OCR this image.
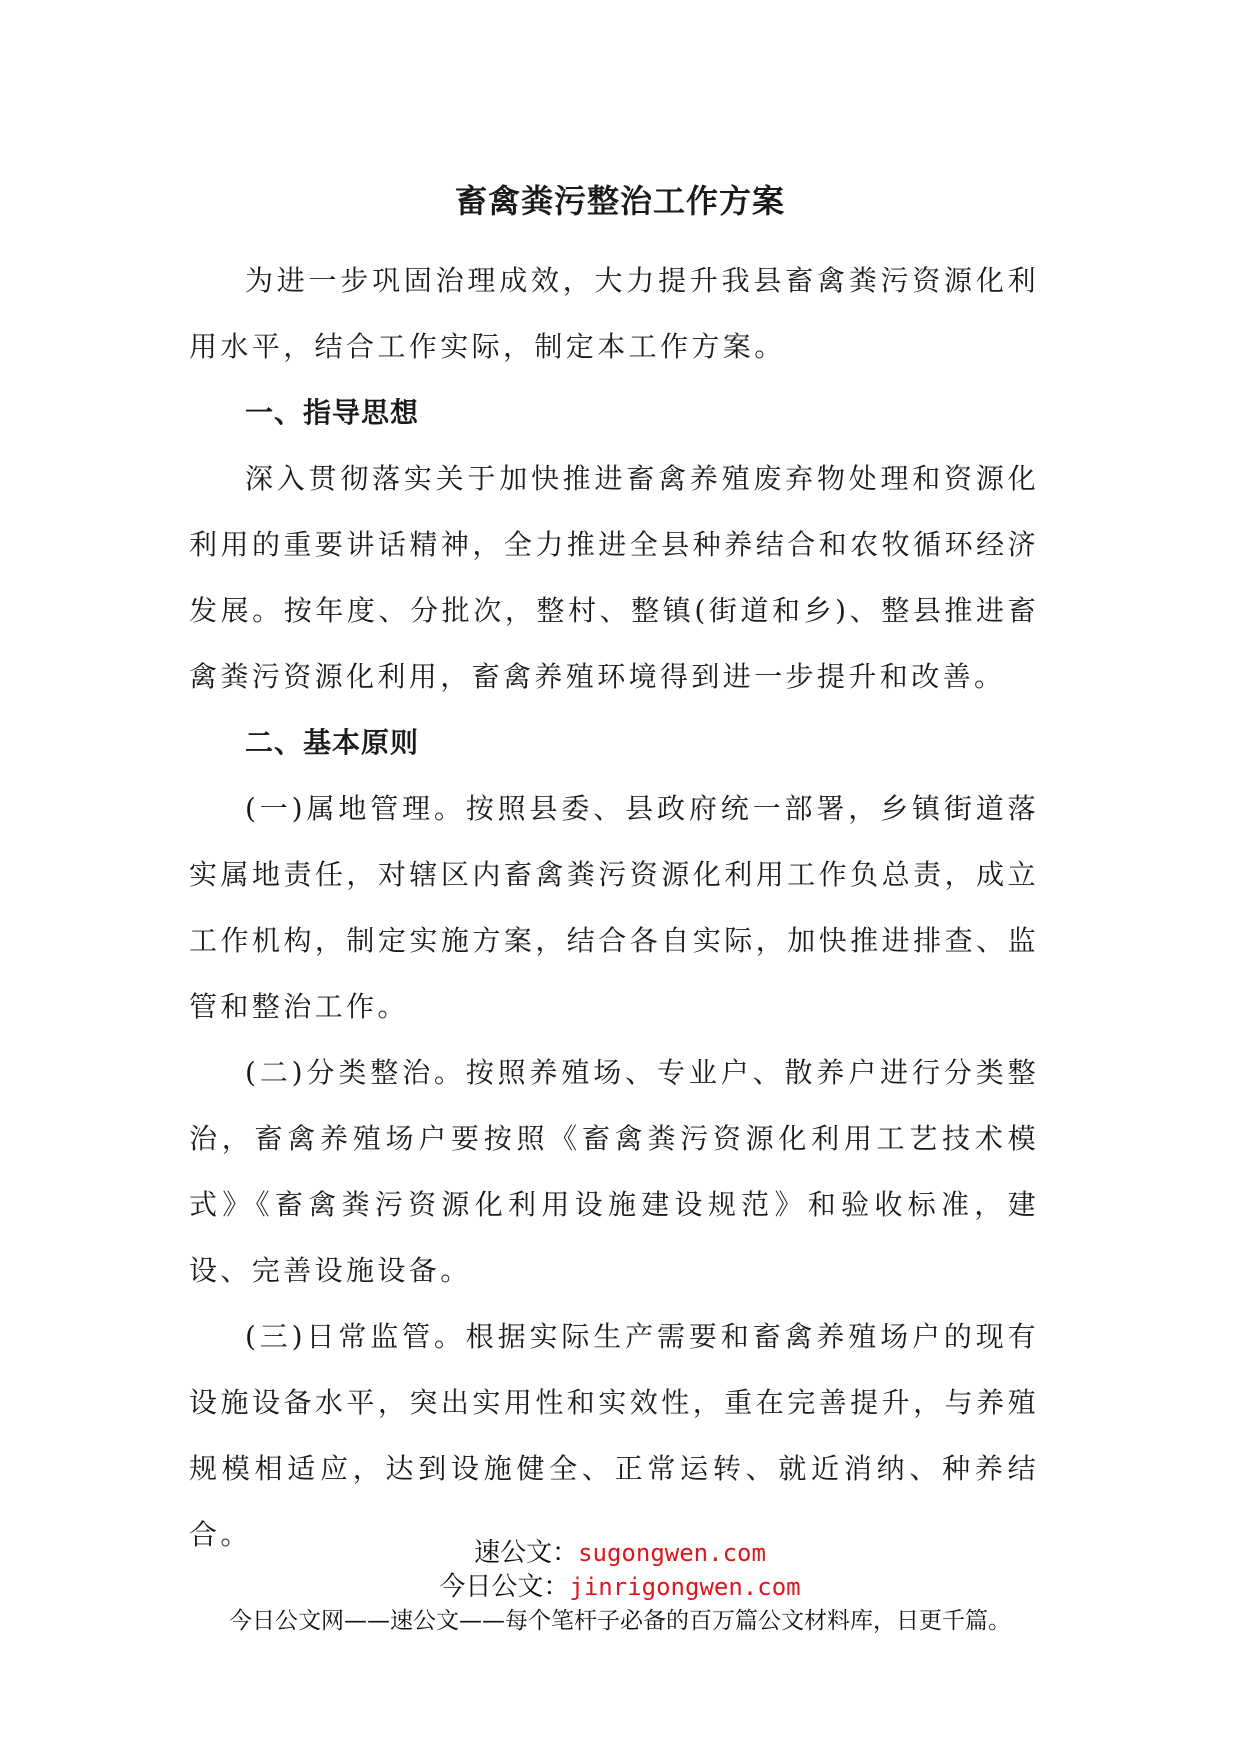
畜禽粪污整治工作方案

为进一步巩固治理成效，大力提升我县畜禽粪污资源化利用水平，结合工作实际，制定本工作方案。

一、指导思想

深入贯彻落实关于加快推进畜禽养殖废弃物处理和资源化利用的重要讲话精神，全力推进全县种养结合和农牧循环经济发展。按年度、分批次，整村、整镇(街道和乡)、整县推进畜禽粪污资源化利用，畜禽养殖环境得到进一步提升和改善。

二、基本原则

(一)属地管理。按照县委、县政府统一部署，乡镇街道落实属地责任，对辖区内畜禽粪污资源化利用工作负总责，成立工作机构，制定实施方案，结合各自实际，加快推进排查、监管和整治工作。

(二)分类整治。按照养殖场、专业户、散养户进行分类整治，畜禽养殖场户要按照《畜禽粪污资源化利用工艺技术模式》《畜禽粪污资源化利用设施建设规范》和验收标准，建设、完善设施设备。

(三)日常监管。根据实际生产需要和畜禽养殖场户的现有设施设备水平，突出实用性和实效性，重在完善提升，与养殖规模相适应，达到设施健全、正常运转、就近消纳、种养结合。

速公文：sugongwen.com

今日公文：jinrigongwen.com

今日公文网——速公文——每个笔杆子必备的百万篇公文材料库，日更千篇。
